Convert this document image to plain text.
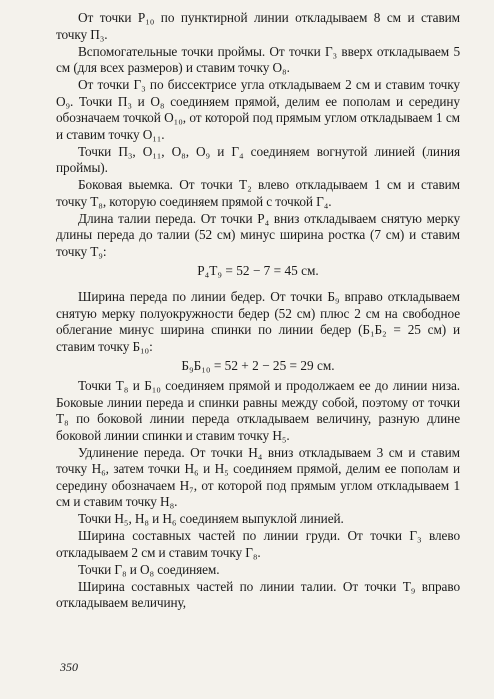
От точки P₁₀ по пунктирной линии откладываем 8 см и ставим точку П₃.

Вспомогательные точки проймы. От точки Г₃ вверх откладываем 5 см (для всех размеров) и ставим точку О₈.

От точки Г₃ по биссектрисе угла откладываем 2 см и ставим точку О₉. Точки П₃ и О₈ соединяем прямой, делим ее пополам и середину обозначаем точкой О₁₀, от которой под прямым углом откладываем 1 см и ставим точку О₁₁.

Точки П₃, О₁₁, О₈, О₉ и Г₄ соединяем вогнутой линией (линия проймы).

Боковая выемка. От точки Т₂ влево откладываем 1 см и ставим точку Т₈, которую соединяем прямой с точкой Г₄.

Длина талии переда. От точки Р₄ вниз откладываем снятую мерку длины переда до талии (52 см) минус ширина ростка (7 см) и ставим точку Т₉:

Р₄Т₉ = 52 − 7 = 45 см.

Ширина переда по линии бедер. От точки Б₉ вправо откладываем снятую мерку полуокружности бедер (52 см) плюс 2 см на свободное облегание минус ширина спинки по линии бедер (Б₁Б₂ = 25 см) и ставим точку Б₁₀:

Б₉Б₁₀ = 52 + 2 − 25 = 29 см.

Точки Т₈ и Б₁₀ соединяем прямой и продолжаем ее до линии низа. Боковые линии переда и спинки равны между собой, поэтому от точки Т₈ по боковой линии переда откладываем величину, разную длине боковой линии спинки и ставим точку Н₅.

Удлинение переда. От точки Н₄ вниз откладываем 3 см и ставим точку Н₆, затем точки Н₆ и Н₅ соединяем прямой, делим ее пополам и середину обозначаем Н₇, от которой под прямым углом откладываем 1 см и ставим точку Н₈.

Точки Н₅, Н₈ и Н₆ соединяем выпуклой линией.

Ширина составных частей по линии груди. От точки Г₃ влево откладываем 2 см и ставим точку Г₈.

Точки Г₈ и О₈ соединяем.

Ширина составных частей по линии талии. От точки Т₉ вправо откладываем величину,

350
